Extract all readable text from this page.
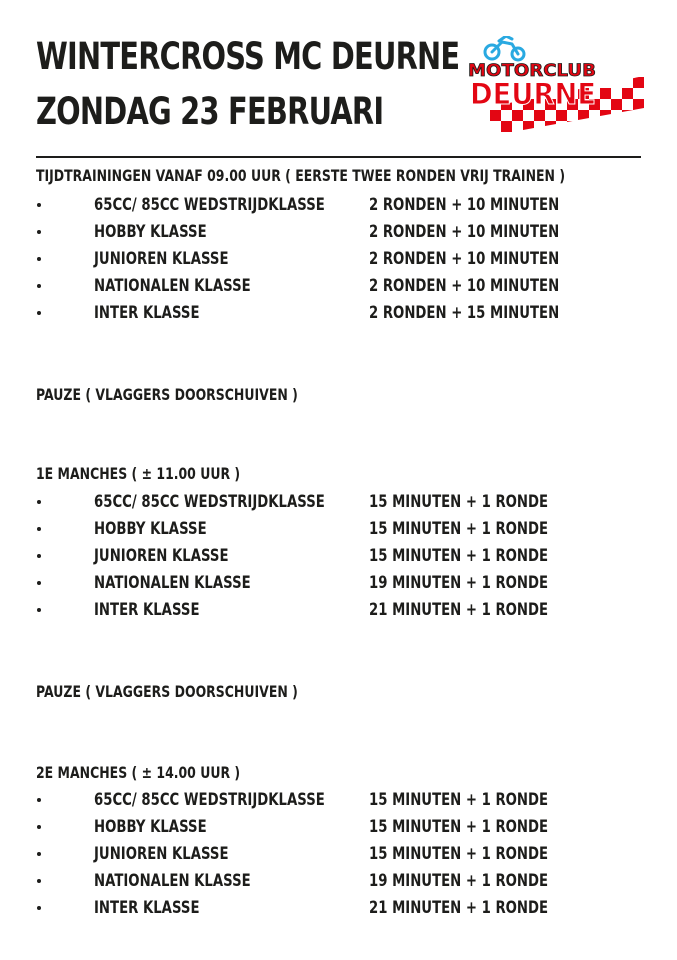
WINTERCROSS MC DEURNE
ZONDAG 23 FEBRUARI
MOTORCLUB
DEURNE
TIJDTRAININGEN VANAF 09.00 UUR ( EERSTE TWEE RONDEN VRIJ TRAINEN )
65CC/ 85CC WEDSTRIJDKLASSE	2 RONDEN + 10 MINUTEN
HOBBY KLASSE	2 RONDEN + 10 MINUTEN
JUNIOREN KLASSE	2 RONDEN + 10 MINUTEN
NATIONALEN KLASSE	2 RONDEN + 10 MINUTEN
INTER KLASSE	2 RONDEN + 15 MINUTEN
PAUZE ( VLAGGERS DOORSCHUIVEN )
1E MANCHES ( ± 11.00 UUR )
65CC/ 85CC WEDSTRIJDKLASSE	15 MINUTEN + 1 RONDE
HOBBY KLASSE	15 MINUTEN + 1 RONDE
JUNIOREN KLASSE	15 MINUTEN + 1 RONDE
NATIONALEN KLASSE	19 MINUTEN + 1 RONDE
INTER KLASSE	21 MINUTEN + 1 RONDE
PAUZE ( VLAGGERS DOORSCHUIVEN )
2E MANCHES ( ± 14.00 UUR )
65CC/ 85CC WEDSTRIJDKLASSE	15 MINUTEN + 1 RONDE
HOBBY KLASSE	15 MINUTEN + 1 RONDE
JUNIOREN KLASSE	15 MINUTEN + 1 RONDE
NATIONALEN KLASSE	19 MINUTEN + 1 RONDE
INTER KLASSE	21 MINUTEN + 1 RONDE
